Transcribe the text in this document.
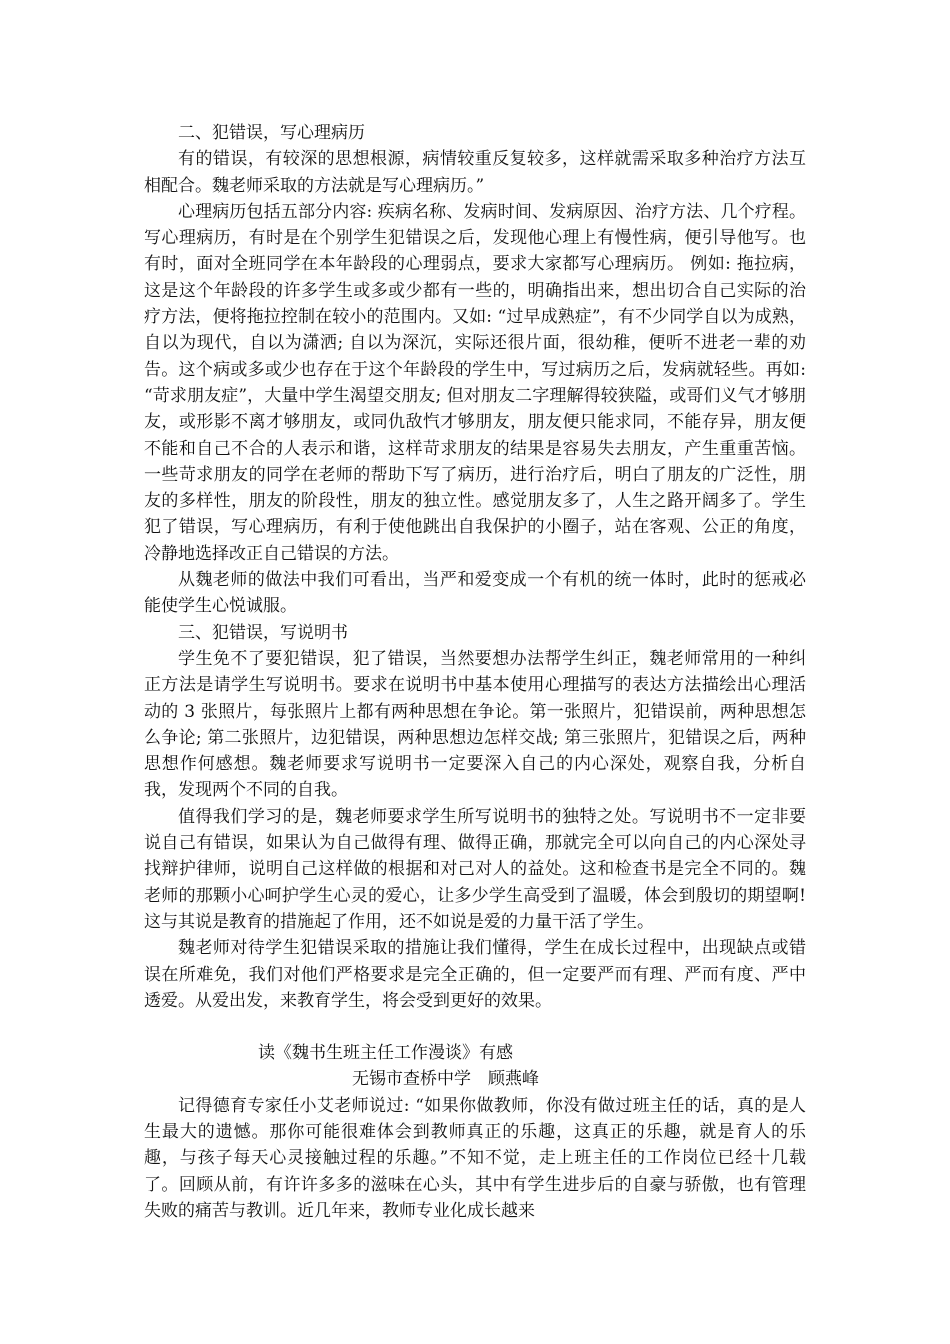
二、犯错误，写心理病历

有的错误，有较深的思想根源，病情较重反复较多，这样就需采取多种治疗方法互相配合。魏老师采取的方法就是写心理病历。”

心理病历包括五部分内容: 疾病名称、发病时间、发病原因、治疗方法、几个疗程。 写心理病历，有时是在个别学生犯错误之后，发现他心理上有慢性病，便引导他写。也有时，面对全班同学在本年龄段的心理弱点，要求大家都写心理病历。 例如: 拖拉病，这是这个年龄段的许多学生或多或少都有一些的，明确指出来，想出切合自己实际的治疗方法，便将拖拉控制在较小的范围内。又如: “过早成熟症”，有不少同学自以为成熟，自以为现代，自以为潇洒; 自以为深沉，实际还很片面，很幼稚，便听不进老一辈的劝告。这个病或多或少也存在于这个年龄段的学生中，写过病历之后，发病就轻些。再如: “苛求朋友症”，大量中学生渴望交朋友; 但对朋友二字理解得较狭隘，或哥们义气才够朋友，或形影不离才够朋友，或同仇敌忾才够朋友，朋友便只能求同，不能存异，朋友便不能和自己不合的人表示和谐，这样苛求朋友的结果是容易失去朋友，产生重重苦恼。一些苛求朋友的同学在老师的帮助下写了病历，进行治疗后，明白了朋友的广泛性，朋友的多样性，朋友的阶段性，朋友的独立性。感觉朋友多了，人生之路开阔多了。学生犯了错误，写心理病历，有利于使他跳出自我保护的小圈子，站在客观、公正的角度，冷静地选择改正自己错误的方法。

从魏老师的做法中我们可看出，当严和爱变成一个有机的统一体时，此时的惩戒必能使学生心悦诚服。

三、犯错误，写说明书

学生免不了要犯错误，犯了错误，当然要想办法帮学生纠正，魏老师常用的一种纠正方法是请学生写说明书。要求在说明书中基本使用心理描写的表达方法描绘出心理活动的 3 张照片，每张照片上都有两种思想在争论。第一张照片，犯错误前，两种思想怎么争论; 第二张照片，边犯错误，两种思想边怎样交战; 第三张照片，犯错误之后，两种思想作何感想。魏老师要求写说明书一定要深入自己的内心深处，观察自我，分析自我，发现两个不同的自我。

值得我们学习的是，魏老师要求学生所写说明书的独特之处。写说明书不一定非要说自己有错误，如果认为自己做得有理、做得正确，那就完全可以向自己的内心深处寻找辩护律师，说明自己这样做的根据和对己对人的益处。这和检查书是完全不同的。魏老师的那颗小心呵护学生心灵的爱心，让多少学生高受到了温暖，体会到殷切的期望啊! 这与其说是教育的措施起了作用，还不如说是爱的力量干活了学生。

魏老师对待学生犯错误采取的措施让我们懂得，学生在成长过程中，出现缺点或错误在所难免，我们对他们严格要求是完全正确的，但一定要严而有理、严而有度、严中透爱。从爱出发，来教育学生，将会受到更好的效果。

读《魏书生班主任工作漫谈》有感
无锡市查桥中学　顾燕峰

记得德育专家任小艾老师说过: “如果你做教师，你没有做过班主任的话，真的是人生最大的遗憾。那你可能很难体会到教师真正的乐趣，这真正的乐趣，就是育人的乐趣，与孩子每天心灵接触过程的乐趣。”不知不觉，走上班主任的工作岗位已经十几载了。回顾从前，有许许多多的滋味在心头，其中有学生进步后的自豪与骄傲，也有管理失败的痛苦与教训。近几年来，教师专业化成长越来
